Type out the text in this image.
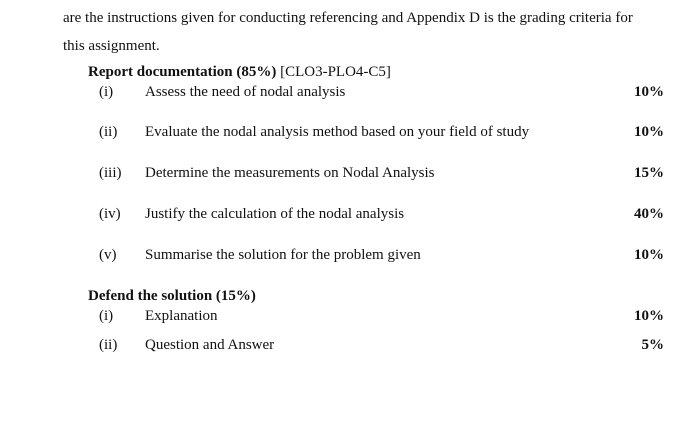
are the instructions given for conducting referencing and Appendix D is the grading criteria for
this assignment.
Report documentation (85%) [CLO3-PLO4-C5]
(i) Assess the need of nodal analysis	10%
(ii) Evaluate the nodal analysis method based on your field of study	10%
(iii) Determine the measurements on Nodal Analysis	15%
(iv) Justify the calculation of the nodal analysis	40%
(v) Summarise the solution for the problem given	10%
Defend the solution (15%)
(i) Explanation	10%
(ii) Question and Answer	5%
